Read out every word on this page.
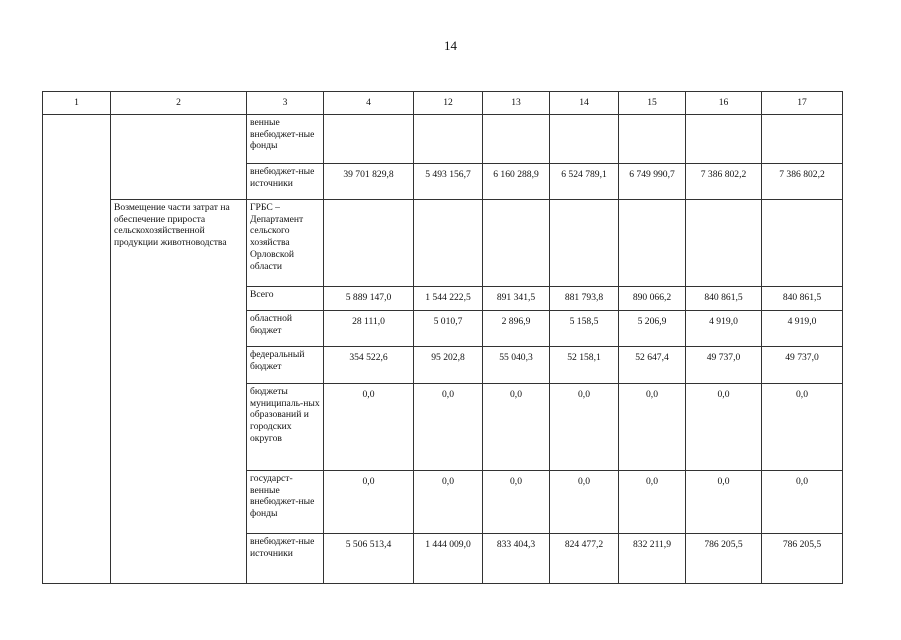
14
1	2	3	4	12	13	14	15	16	17

		венные внебюджет-ные фонды							

		внебюджет-ные источники	39 701 829,8	5 493 156,7	6 160 288,9	6 524 789,1	6 749 990,7	7 386 802,2	7 386 802,2

	Возмещение части затрат на обеспечение прироста сельскохозяйственной продукции животноводства	ГРБС – Департамент сельского хозяйства Орловской области							

		Всего	5 889 147,0	1 544 222,5	891 341,5	881 793,8	890 066,2	840 861,5	840 861,5

		областной бюджет	28 111,0	5 010,7	2 896,9	5 158,5	5 206,9	4 919,0	4 919,0

		федеральный бюджет	354 522,6	95 202,8	55 040,3	52 158,1	52 647,4	49 737,0	49 737,0

		бюджеты муниципаль-ных образований и городских округов	0,0	0,0	0,0	0,0	0,0	0,0	0,0

		государст-венные внебюджет-ные фонды	0,0	0,0	0,0	0,0	0,0	0,0	0,0

		внебюджет-ные источники	5 506 513,4	1 444 009,0	833 404,3	824 477,2	832 211,9	786 205,5	786 205,5
